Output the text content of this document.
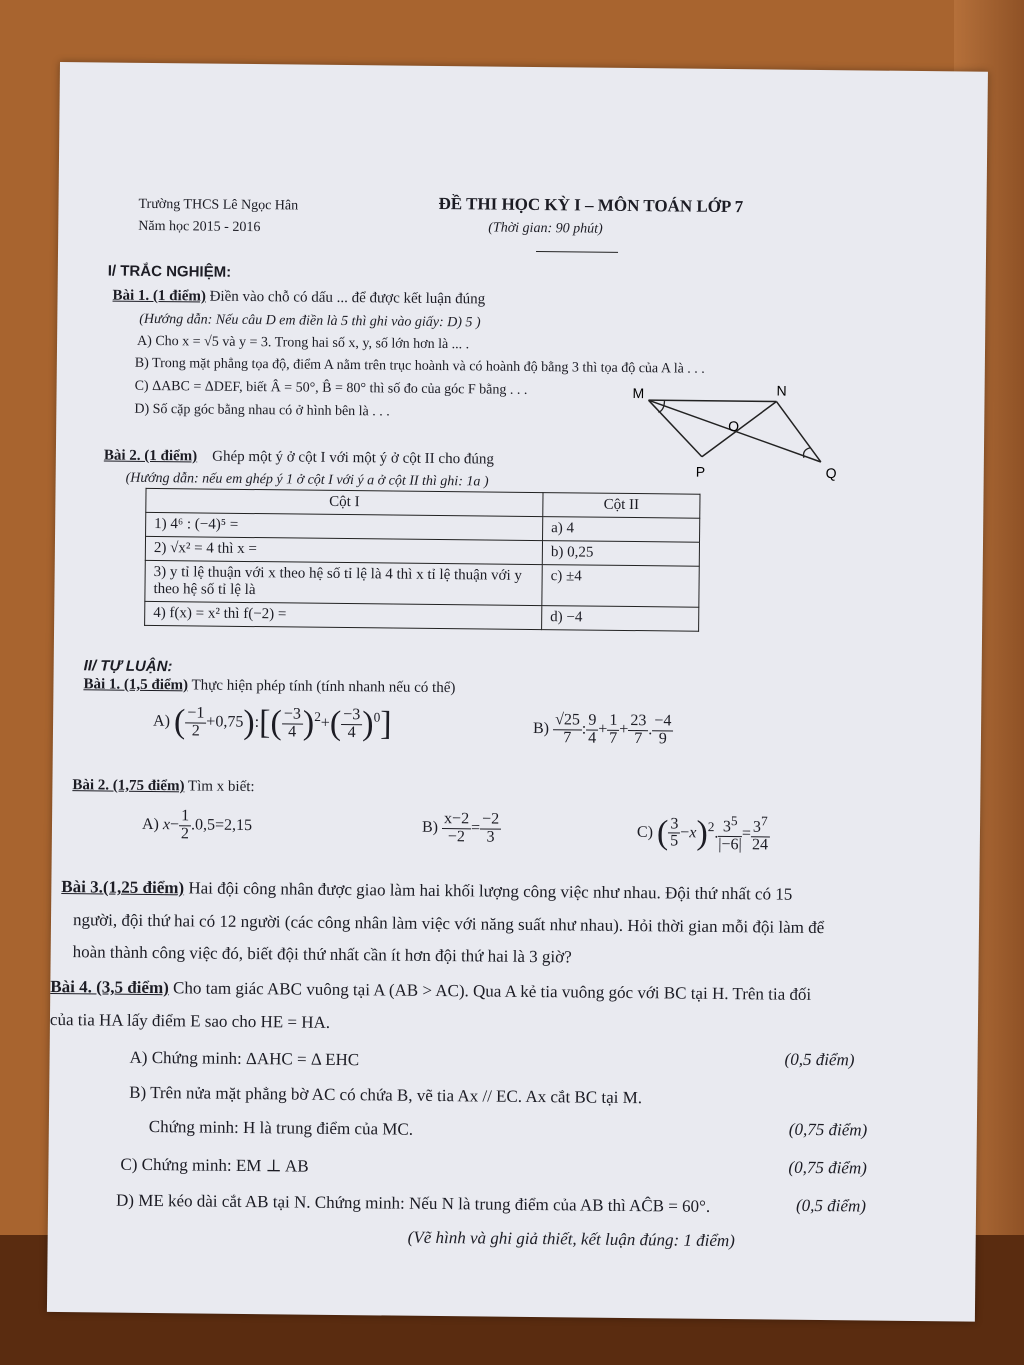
Trường THCS Lê Ngọc Hân
Năm học 2015 - 2016
ĐỀ THI HỌC KỲ I – MÔN TOÁN LỚP 7
(Thời gian: 90 phút)
I/ TRẮC NGHIỆM:
Bài 1. (1 điểm) Điền vào chỗ có dấu ... để được kết luận đúng
(Hướng dẫn: Nếu câu D em điền là 5 thì ghi vào giấy: D) 5 )
A) Cho x = √5 và y = 3. Trong hai số x, y, số lớn hơn là ... .
B) Trong mặt phẳng tọa độ, điểm A nằm trên trục hoành và có hoành độ bằng 3 thì tọa độ của A là . . .
C) ΔABC = ΔDEF, biết Â = 50°, B̂ = 80° thì số đo của góc F bằng . . .
D) Số cặp góc bằng nhau có ở hình bên là . . .
M	N
O
P	Q
Bài 2. (1 điểm) Ghép một ý ở cột I với một ý ở cột II cho đúng
(Hướng dẫn: nếu em ghép ý 1 ở cột I với ý a ở cột II thì ghi: 1a )
Cột I	Cột II
1) 4⁶ : (−4)⁵ =	a) 4
2) √x² = 4 thì x =	b) 0,25
3) y tỉ lệ thuận với x theo hệ số tỉ lệ là 4 thì x tỉ lệ thuận với y theo hệ số tỉ lệ là	c) ±4
4) f(x) = x² thì f(−2) =	d) −4
II/ TỰ LUẬN:
Bài 1. (1,5 điểm) Thực hiện phép tính (tính nhanh nếu có thể)
A) ( $\frac{-1}{2}$ +0,75):[( $\frac{-3}{4} )^2+( \frac{-3}{4} )^0$]	$B) \frac{√25}{7}$ : $\frac{9}{4} + \frac{1}{7} + \frac{23}{7}$ . $\frac{-4}{9}$
Bài 2. (1,75 điểm) Tìm x biết:
A) $x- \frac{1}{2} .0,5=2,15$	$B) \frac{x-2}{-2} = \frac{-2}{3}$	C) ( $\frac{3}{5} -x)^2$. $\frac{3^5}{|-6|} = \frac{3^7}{24}$
Bài 3.(1,25 điểm) Hai đội công nhân được giao làm hai khối lượng công việc như nhau. Đội thứ nhất có 15
người, đội thứ hai có 12 người (các công nhân làm việc với năng suất như nhau). Hỏi thời gian mỗi đội làm để
hoàn thành công việc đó, biết đội thứ nhất cần ít hơn đội thứ hai là 3 giờ?
Bài 4. (3,5 điểm) Cho tam giác ABC vuông tại A (AB > AC). Qua A kẻ tia vuông góc với BC tại H. Trên tia đối
của tia HA lấy điểm E sao cho HE = HA.
A) Chứng minh: ΔAHC = Δ EHC	(0,5 điểm)
B) Trên nửa mặt phẳng bờ AC có chứa B, vẽ tia Ax // EC. Ax cắt BC tại M.
Chứng minh: H là trung điểm của MC.	(0,75 điểm)
C) Chứng minh: EM ⊥ AB	(0,75 điểm)
D) ME kéo dài cắt AB tại N. Chứng minh: Nếu N là trung điểm của AB thì AĈB = 60°.	(0,5 điểm)
(Vẽ hình và ghi giả thiết, kết luận đúng: 1 điểm)
